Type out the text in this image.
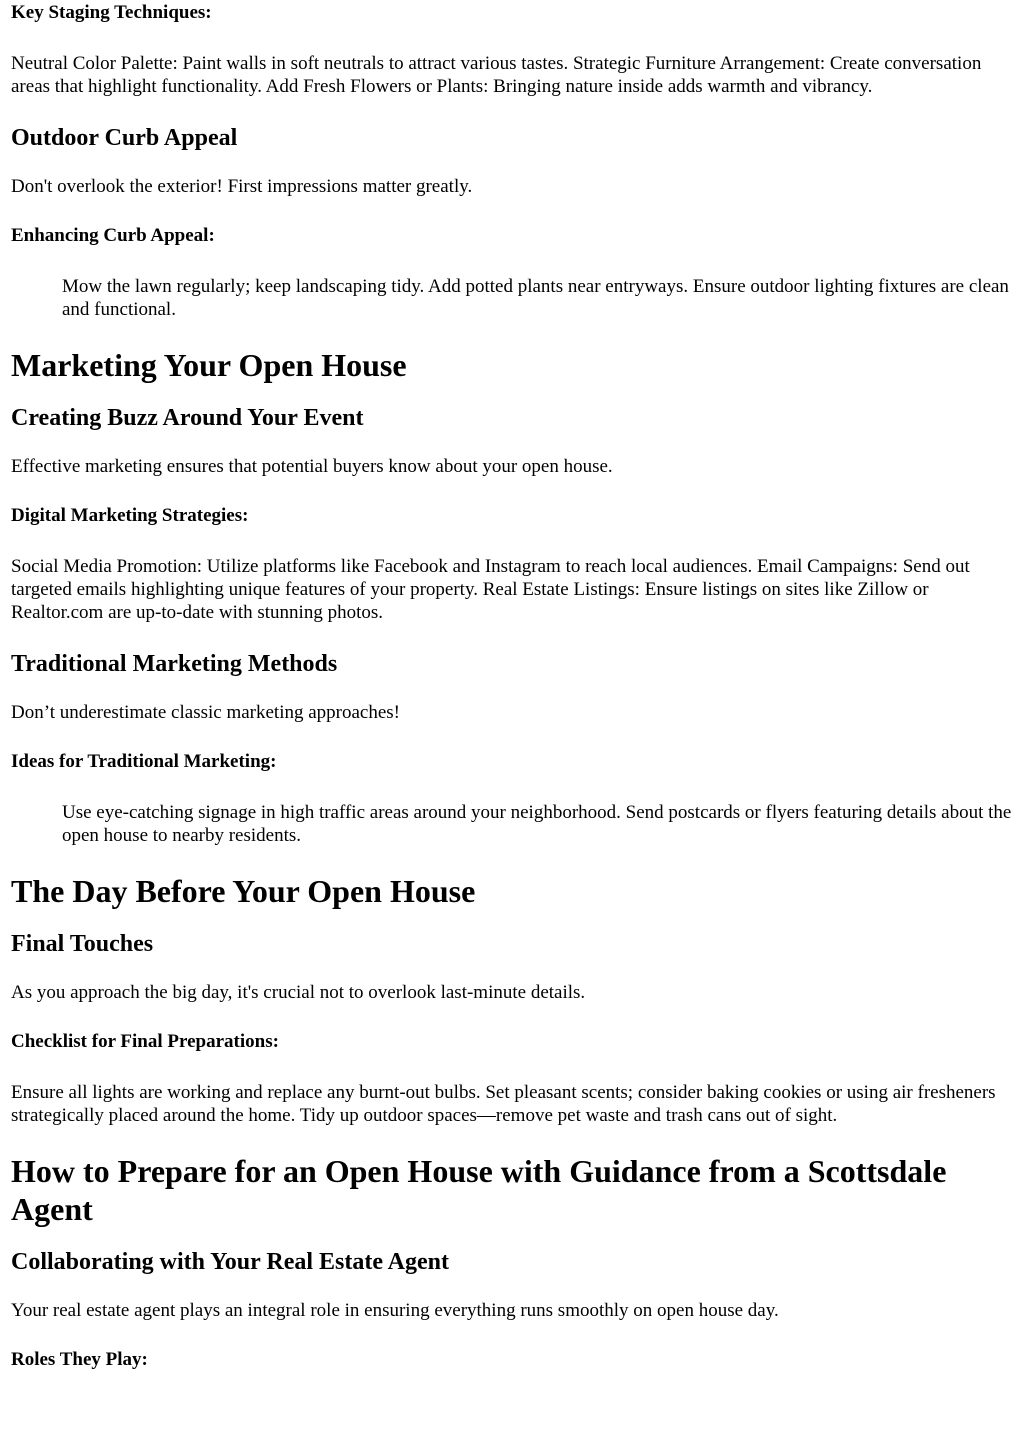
Key Staging Techniques:

Neutral Color Palette: Paint walls in soft neutrals to attract various tastes. Strategic Furniture Arrangement: Create conversation areas that highlight functionality. Add Fresh Flowers or Plants: Bringing nature inside adds warmth and vibrancy.

Outdoor Curb Appeal

Don't overlook the exterior! First impressions matter greatly.

Enhancing Curb Appeal:
Mow the lawn regularly; keep landscaping tidy. Add potted plants near entryways. Ensure outdoor lighting fixtures are clean and functional.
Marketing Your Open House
Creating Buzz Around Your Event

Effective marketing ensures that potential buyers know about your open house.

Digital Marketing Strategies:

Social Media Promotion: Utilize platforms like Facebook and Instagram to reach local audiences. Email Campaigns: Send out targeted emails highlighting unique features of your property. Real Estate Listings: Ensure listings on sites like Zillow or Realtor.com are up-to-date with stunning photos.

Traditional Marketing Methods

Don’t underestimate classic marketing approaches!

Ideas for Traditional Marketing:
Use eye-catching signage in high traffic areas around your neighborhood. Send postcards or flyers featuring details about the open house to nearby residents.
The Day Before Your Open House
Final Touches

As you approach the big day, it's crucial not to overlook last-minute details.

Checklist for Final Preparations:

Ensure all lights are working and replace any burnt-out bulbs. Set pleasant scents; consider baking cookies or using air fresheners strategically placed around the home. Tidy up outdoor spaces—remove pet waste and trash cans out of sight.

How to Prepare for an Open House with Guidance from a Scottsdale Agent
Collaborating with Your Real Estate Agent

Your real estate agent plays an integral role in ensuring everything runs smoothly on open house day.

Roles They Play:
